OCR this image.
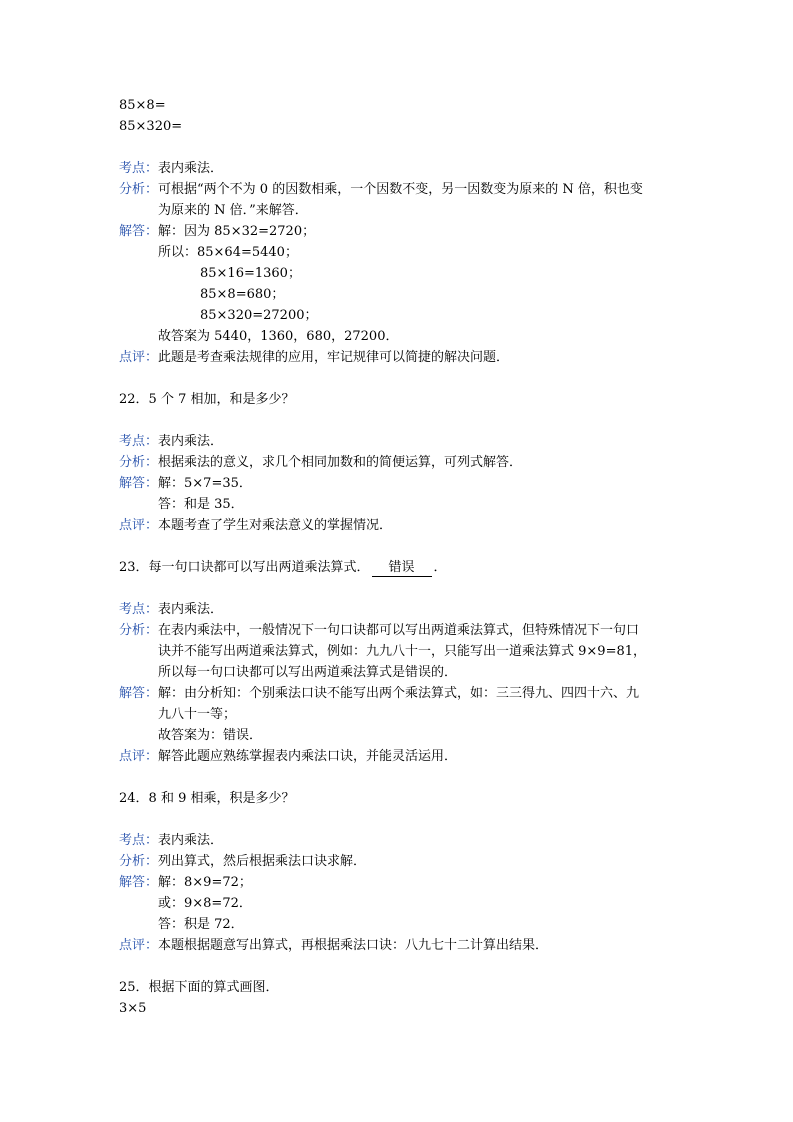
85×8=
85×320=
考点：表内乘法．
分析：可根据“两个不为 0 的因数相乘，一个因数不变，另一因数变为原来的 N 倍，积也变
为原来的 N 倍．”来解答．
解答：解：因为 85×32=2720；
所以：85×64=5440；
85×16=1360；
85×8=680；
85×320=27200；
故答案为 5440，1360，680，27200．
点评：此题是考查乘法规律的应用，牢记规律可以简捷的解决问题．
22．5 个 7 相加，和是多少？
考点：表内乘法．
分析：根据乘法的意义，求几个相同加数和的简便运算，可列式解答．
解答：解：5×7=35．
答：和是 35．
点评：本题考查了学生对乘法意义的掌握情况．
23．每一句口诀都可以写出两道乘法算式． 错误 ．
考点：表内乘法．
分析：在表内乘法中，一般情况下一句口诀都可以写出两道乘法算式，但特殊情况下一句口
诀并不能写出两道乘法算式，例如：九九八十一，只能写出一道乘法算式 9×9=81，
所以每一句口诀都可以写出两道乘法算式是错误的．
解答：解：由分析知：个别乘法口诀不能写出两个乘法算式，如：三三得九、四四十六、九
九八十一等；
故答案为：错误．
点评：解答此题应熟练掌握表内乘法口诀，并能灵活运用．
24．8 和 9 相乘，积是多少？
考点：表内乘法．
分析：列出算式，然后根据乘法口诀求解．
解答：解：8×9=72；
或：9×8=72．
答：积是 72．
点评：本题根据题意写出算式，再根据乘法口诀：八九七十二计算出结果．
25．根据下面的算式画图．
3×5
